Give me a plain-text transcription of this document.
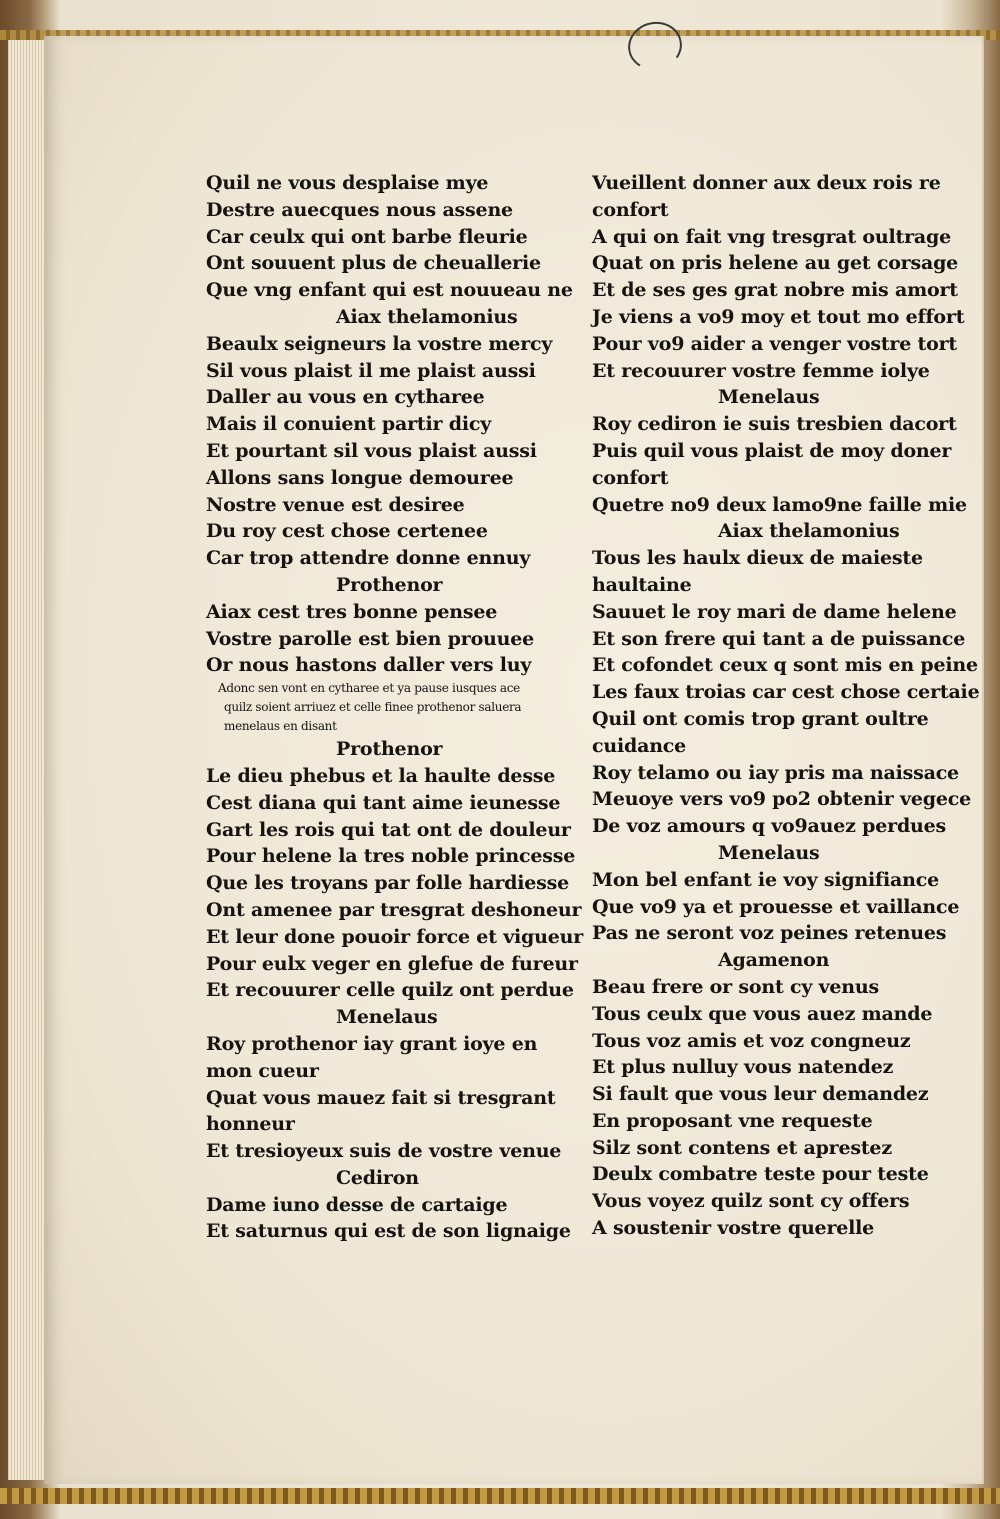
Quil ne vous desplaise mye
Destre auecques nous assene
Car ceulx qui ont barbe fleurie
Ont souuent plus de cheuallerie
Que vng enfant qui est nouueau ne
Aiax thelamonius
Beaulx seigneurs la vostre mercy
Sil vous plaist il me plaist aussi
Daller au vous en cytharee
Mais il conuient partir dicy
Et pourtant sil vous plaist aussi
Allons sans longue demouree
Nostre venue est desiree
Du roy cest chose certenee
Car trop attendre donne ennuy
Prothenor
Aiax cest tres bonne pensee
Vostre parolle est bien prouuee
Or nous hastons daller vers luy
Adonc sen vont en cytharee et ya pause iusques ace
quilz soient arriuez et celle finee prothenor saluera
menelaus en disant
Prothenor
Le dieu phebus et la haulte desse
Cest diana qui tant aime ieunesse
Gart les rois qui tat ont de douleur
Pour helene la tres noble princesse
Que les troyans par folle hardiesse
Ont amenee par tresgrat deshoneur
Et leur done pouoir force et vigueur
Pour eulx veger en glefue de fureur
Et recouurer celle quilz ont perdue
Menelaus
Roy prothenor iay grant ioye en
mon cueur
Quat vous mauez fait si tresgrant
honneur
Et tresioyeux suis de vostre venue
Cediron
Dame iuno desse de cartaige
Et saturnus qui est de son lignaige
Vueillent donner aux deux rois re
confort
A qui on fait vng tresgrat oultrage
Quat on pris helene au get corsage
Et de ses ges grat nobre mis amort
Je viens a vo9 moy et tout mo effort
Pour vo9 aider a venger vostre tort
Et recouurer vostre femme iolye
Menelaus
Roy cediron ie suis tresbien dacort
Puis quil vous plaist de moy doner
confort
Quetre no9 deux lamo9ne faille mie
Aiax thelamonius
Tous les haulx dieux de maieste
haultaine
Sauuet le roy mari de dame helene
Et son frere qui tant a de puissance
Et cofondet ceux q sont mis en peine
Les faux troias car cest chose certaie
Quil ont comis trop grant oultre
cuidance
Roy telamo ou iay pris ma naissace
Meuoye vers vo9 po2 obtenir vegece
De voz amours q vo9auez perdues
Menelaus
Mon bel enfant ie voy signifiance
Que vo9 ya et prouesse et vaillance
Pas ne seront voz peines retenues
Agamenon
Beau frere or sont cy venus
Tous ceulx que vous auez mande
Tous voz amis et voz congneuz
Et plus nulluy vous natendez
Si fault que vous leur demandez
En proposant vne requeste
Silz sont contens et aprestez
Deulx combatre teste pour teste
Vous voyez quilz sont cy offers
A soustenir vostre querelle
